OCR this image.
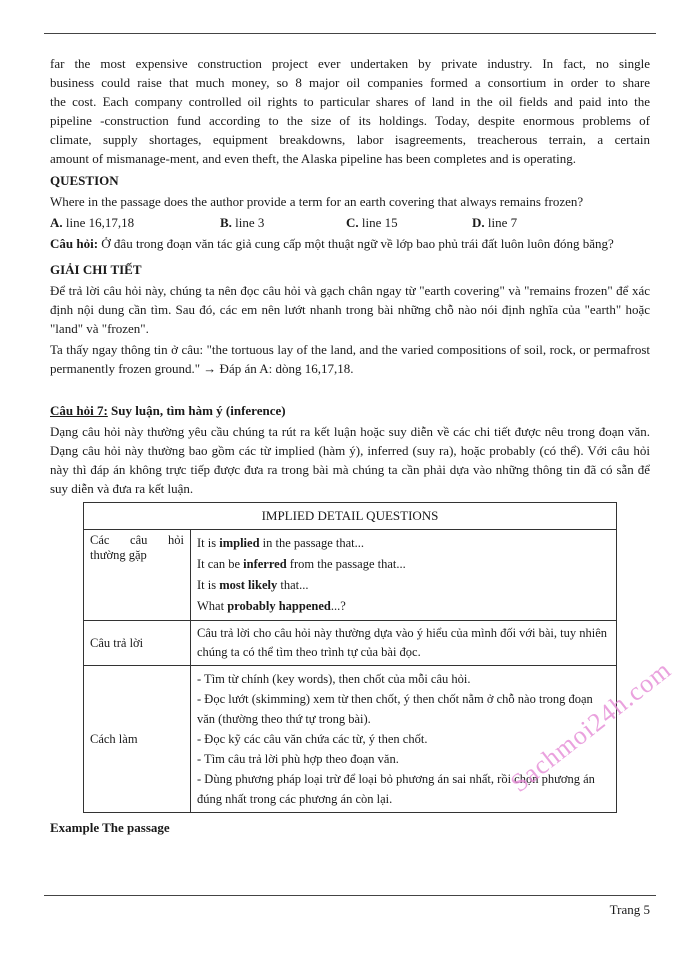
far the most expensive construction project ever undertaken by private industry. In fact, no single

business could raise that much money, so 8 major oil companies formed a consortium in order to share

the cost. Each company controlled oil rights to particular shares of land in the oil fields and paid into the

pipeline -construction fund according to the size of its holdings. Today, despite enormous problems of

climate, supply shortages, equipment breakdowns, labor isagreements, treacherous terrain, a certain

amount of mismanage-ment, and even theft, the Alaska pipeline has been completes and is operating.

QUESTION

Where in the passage does the author provide a term for an earth covering that always remains frozen?

A. line 16,17,18	B. line 3	C. line 15	D. line 7

Câu hỏi: Ở đâu trong đoạn văn tác giả cung cấp một thuật ngữ về lớp bao phủ trái đất luôn luôn đóng băng?

GIẢI CHI TIẾT

Để trả lời câu hỏi này, chúng ta nên đọc câu hỏi và gạch chân ngay từ "earth covering" và "remains frozen" để xác định nội dung cần tìm. Sau đó, các em nên lướt nhanh trong bài những chỗ nào nói định nghĩa của "earth" hoặc "land" và "frozen".

Ta thấy ngay thông tin ở câu: "the tortuous lay of the land, and the varied compositions of soil, rock, or permafrost permanently frozen ground." → Đáp án A: dòng 16,17,18.

Câu hỏi 7: Suy luận, tìm hàm ý (inference)

Dạng câu hỏi này thường yêu cầu chúng ta rút ra kết luận hoặc suy diễn về các chi tiết được nêu trong đoạn văn. Dạng câu hỏi này thường bao gồm các từ implied (hàm ý), inferred (suy ra), hoặc probably (có thể). Với câu hỏi này thì đáp án không trực tiếp được đưa ra trong bài mà chúng ta cần phải dựa vào những thông tin đã có sẵn để suy diễn và đưa ra kết luận.

IMPLIED DETAIL QUESTIONS	
Các câu hỏi thường gặp	It is implied in the passage that...
It can be inferred from the passage that...
It is most likely that...
What probably happened...?

Câu trả lời	Câu trả lời cho câu hỏi này thường dựa vào ý hiểu của mình đối với bài, tuy nhiên chúng ta có thể tìm theo trình tự của bài đọc.

Cách làm	- Tìm từ chính (key words), then chốt của mỗi câu hỏi.
- Đọc lướt (skimming) xem từ then chốt, ý then chốt nằm ở chỗ nào trong đoạn văn (thường theo thứ tự trong bài).
- Đọc kỹ các câu văn chứa các từ, ý then chốt.
- Tìm câu trả lời phù hợp theo đoạn văn.
- Dùng phương pháp loại trừ để loại bỏ phương án sai nhất, rồi chọn phương án đúng nhất trong các phương án còn lại.
Example The passage
Sachmoi24h.com
Trang 5
